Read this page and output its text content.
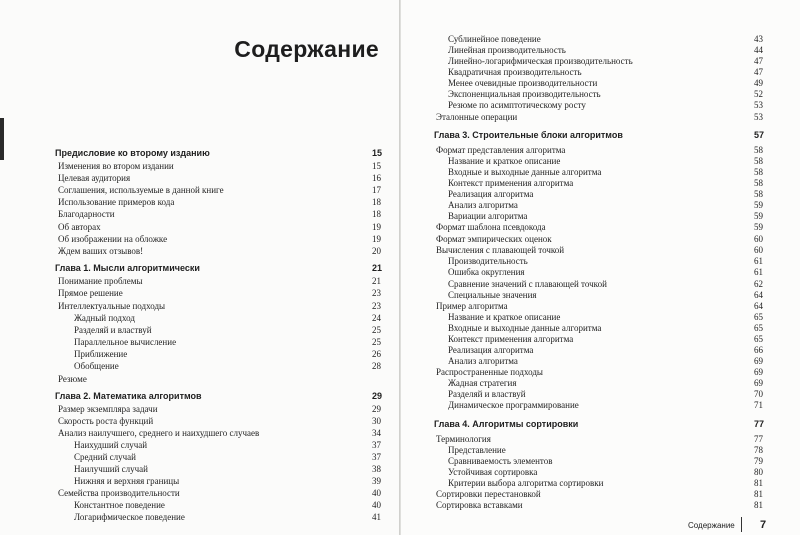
Содержание
Предисловие ко второму изданию	15
Изменения во втором издании	15
Целевая аудитория	16
Соглашения, используемые в данной книге	17
Использование примеров кода	18
Благодарности	18
Об авторах	19
Об изображении на обложке	19
Ждем ваших отзывов!	20
Глава 1. Мысли алгоритмически	21
Понимание проблемы	21
Прямое решение	23
Интеллектуальные подходы	23
Жадный подход	24
Разделяй и властвуй	25
Параллельное вычисление	25
Приближение	26
Обобщение	28
Резюме
Глава 2. Математика алгоритмов	29
Размер экземпляра задачи	29
Скорость роста функций	30
Анализ наилучшего, среднего и наихудшего случаев	34
Наихудший случай	37
Средний случай	37
Наилучший случай	38
Нижняя и верхняя границы	39
Семейства производительности	40
Константное поведение	40
Логарифмическое поведение	41
Сублинейное поведение	43
Линейная производительность	44
Линейно-логарифмическая производительность	47
Квадратичная производительность	47
Менее очевидные производительности	49
Экспоненциальная производительность	52
Резюме по асимптотическому росту	53
Эталонные операции	53
Глава 3. Строительные блоки алгоритмов	57
Формат представления алгоритма	58
Название и краткое описание	58
Входные и выходные данные алгоритма	58
Контекст применения алгоритма	58
Реализация алгоритма	58
Анализ алгоритма	59
Вариации алгоритма	59
Формат шаблона псевдокода	59
Формат эмпирических оценок	60
Вычисления с плавающей точкой	60
Производительность	61
Ошибка округления	61
Сравнение значений с плавающей точкой	62
Специальные значения	64
Пример алгоритма	64
Название и краткое описание	65
Входные и выходные данные алгоритма	65
Контекст применения алгоритма	65
Реализация алгоритма	66
Анализ алгоритма	69
Распространенные подходы	69
Жадная стратегия	69
Разделяй и властвуй	70
Динамическое программирование	71
Глава 4. Алгоритмы сортировки	77
Терминология	77
Представление	78
Сравниваемость элементов	79
Устойчивая сортировка	80
Критерии выбора алгоритма сортировки	81
Сортировки перестановкой	81
Сортировка вставками	81
Содержание 7
